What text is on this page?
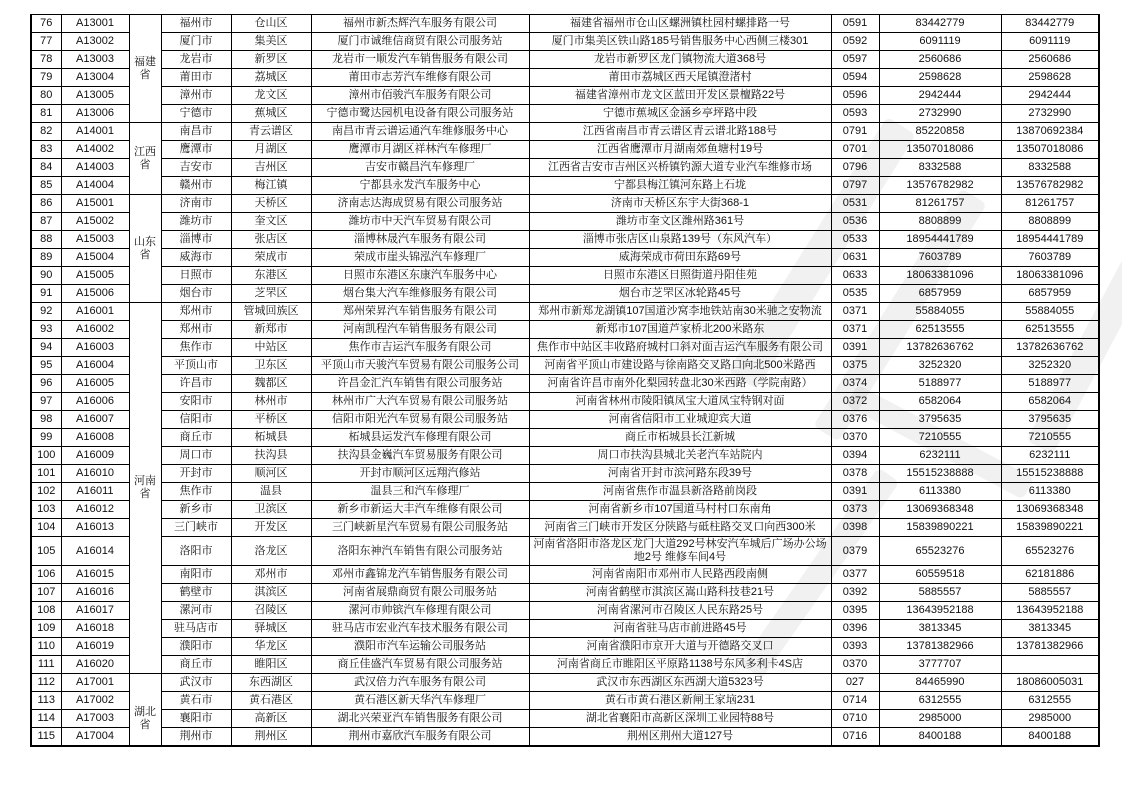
76	A13001	福建省	福州市	仓山区	福州市新杰辉汽车服务有限公司	福建省福州市仓山区螺洲镇杜园村螺排路一号	0591	83442779	83442779
77	A13002		厦门市	集美区	厦门市诚维信商贸有限公司服务站	厦门市集美区铁山路185号销售服务中心西侧三楼301	0592	6091119	6091119
78	A13003		龙岩市	新罗区	龙岩市一顺发汽车销售服务有限公司	龙岩市新罗区龙门镇物流大道368号	0597	2560686	2560686
79	A13004		莆田市	荔城区	莆田市志芳汽车维修有限公司	莆田市荔城区西天尾镇澄渚村	0594	2598628	2598628
80	A13005		漳州市	龙文区	漳州市佰骏汽车服务有限公司	福建省漳州市龙文区蓝田开发区景檀路22号	0596	2942444	2942444
81	A13006		宁德市	蕉城区	宁德市鹭达园机电设备有限公司服务站	宁德市蕉城区金涵乡亭坪路中段	0593	2732990	2732990
82	A14001	江西省	南昌市	青云谱区	南昌市青云谱运通汽车维修服务中心	江西省南昌市青云谱区青云谱北路188号	0791	85220858	13870692384
83	A14002		鹰潭市	月湖区	鹰潭市月湖区祥林汽车修理厂	江西省鹰潭市月湖南郊鱼塘村19号	0701	13507018086	13507018086
84	A14003		吉安市	吉州区	吉安市赣昌汽车修理厂	江西省吉安市吉州区兴桥镇钓源大道专业汽车维修市场	0796	8332588	8332588
85	A14004		赣州市	梅江镇	宁都县永发汽车服务中心	宁都县梅江镇河东路上石垅	0797	13576782982	13576782982
86	A15001	山东省	济南市	天桥区	济南志达海成贸易有限公司服务站	济南市天桥区东宇大街368-1	0531	81261757	81261757
87	A15002		潍坊市	奎文区	潍坊市中天汽车贸易有限公司	潍坊市奎文区潍州路361号	0536	8808899	8808899
88	A15003		淄博市	张店区	淄博林晟汽车服务有限公司	淄博市张店区山泉路139号（东风汽车）	0533	18954441789	18954441789
89	A15004		威海市	荣成市	荣成市崖头锦泓汽车修理厂	威海荣成市荷田东路69号	0631	7603789	7603789
90	A15005		日照市	东港区	日照市东港区东康汽车服务中心	日照市东港区日照街道丹阳佳苑	0633	18063381096	18063381096
91	A15006		烟台市	芝罘区	烟台集大汽车维修服务有限公司	烟台市芝罘区冰轮路45号	0535	6857959	6857959
92	A16001	河南省	郑州市	管城回族区	郑州荣昇汽车销售服务有限公司	郑州市新郑龙湖镇107国道沙窝李地铁站南30米驰之安物流	0371	55884055	55884055
93	A16002		郑州市	新郑市	河南凯程汽车销售服务有限公司	新郑市107国道芦家桥北200米路东	0371	62513555	62513555
94	A16003		焦作市	中站区	焦作市吉运汽车服务有限公司	焦作市中站区丰收路府城村口斜对面吉运汽车服务有限公司	0391	13782636762	13782636762
95	A16004		平顶山市	卫东区	平顶山市天骏汽车贸易有限公司服务公司	河南省平顶山市建设路与徐南路交叉路口向北500米路西	0375	3252320	3252320
96	A16005		许昌市	魏都区	许昌金汇汽车销售有限公司服务站	河南省许昌市南外化梨园转盘北30米西路（学院南路）	0374	5188977	5188977
97	A16006		安阳市	林州市	林州市广大汽车贸易有限公司服务站	河南省林州市陵阳镇凤宝大道凤宝特钢对面	0372	6582064	6582064
98	A16007		信阳市	平桥区	信阳市阳光汽车贸易有限公司服务站	河南省信阳市工业城迎宾大道	0376	3795635	3795635
99	A16008		商丘市	柘城县	柘城县运发汽车修理有限公司	商丘市柘城县长江新城	0370	7210555	7210555
100	A16009		周口市	扶沟县	扶沟县金巍汽车贸易服务有限公司	周口市扶沟县城北关老汽车站院内	0394	6232111	6232111
101	A16010		开封市	顺河区	开封市顺河区远翔汽修站	河南省开封市滨河路东段39号	0378	15515238888	15515238888
102	A16011		焦作市	温县	温县三和汽车修理厂	河南省焦作市温县新洛路前岗段	0391	6113380	6113380
103	A16012		新乡市	卫滨区	新乡市新运大丰汽车维修有限公司	河南省新乡市107国道马村村口东南角	0373	13069368348	13069368348
104	A16013		三门峡市	开发区	三门峡新星汽车贸易有限公司服务站	河南省三门峡市开发区分陕路与砥柱路交叉口向西300米	0398	15839890221	15839890221
105	A16014		洛阳市	洛龙区	洛阳东神汽车销售有限公司服务站	河南省洛阳市洛龙区龙门大道292号林安汽车城后广场办公场地2号 维修车间4号	0379	65523276	65523276
106	A16015		南阳市	邓州市	邓州市鑫锦龙汽车销售服务有限公司	河南省南阳市邓州市人民路西段南侧	0377	60559518	62181886
107	A16016		鹤壁市	淇滨区	河南省展鼎商贸有限公司服务站	河南省鹤壁市淇滨区嵩山路科技巷21号	0392	5885557	5885557
108	A16017		漯河市	召陵区	漯河市帅镔汽车修理有限公司	河南省漯河市召陵区人民东路25号	0395	13643952188	13643952188
109	A16018		驻马店市	驿城区	驻马店市宏业汽车技术服务有限公司	河南省驻马店市前进路45号	0396	3813345	3813345
110	A16019		濮阳市	华龙区	濮阳市汽车运输公司服务站	河南省濮阳市京开大道与开德路交叉口	0393	13781382966	13781382966
111	A16020		商丘市	睢阳区	商丘佳盛汽车贸易有限公司服务站	河南省商丘市睢阳区平原路1138号东风多利卡4S店	0370	3777707	
112	A17001	湖北省	武汉市	东西湖区	武汉倍力汽车服务有限公司	武汉市东西湖区东西湖大道5323号	027	84465990	18086005031
113	A17002		黄石市	黄石港区	黄石港区新天华汽车修理厂	黄石市黄石港区新闸王家垴231	0714	6312555	6312555
114	A17003		襄阳市	高新区	湖北兴荣亚汽车销售服务有限公司	湖北省襄阳市高新区深圳工业园特88号	0710	2985000	2985000
115	A17004		荆州市	荆州区	荆州市嘉欣汽车服务有限公司	荆州区荆州大道127号	0716	8400188	8400188
